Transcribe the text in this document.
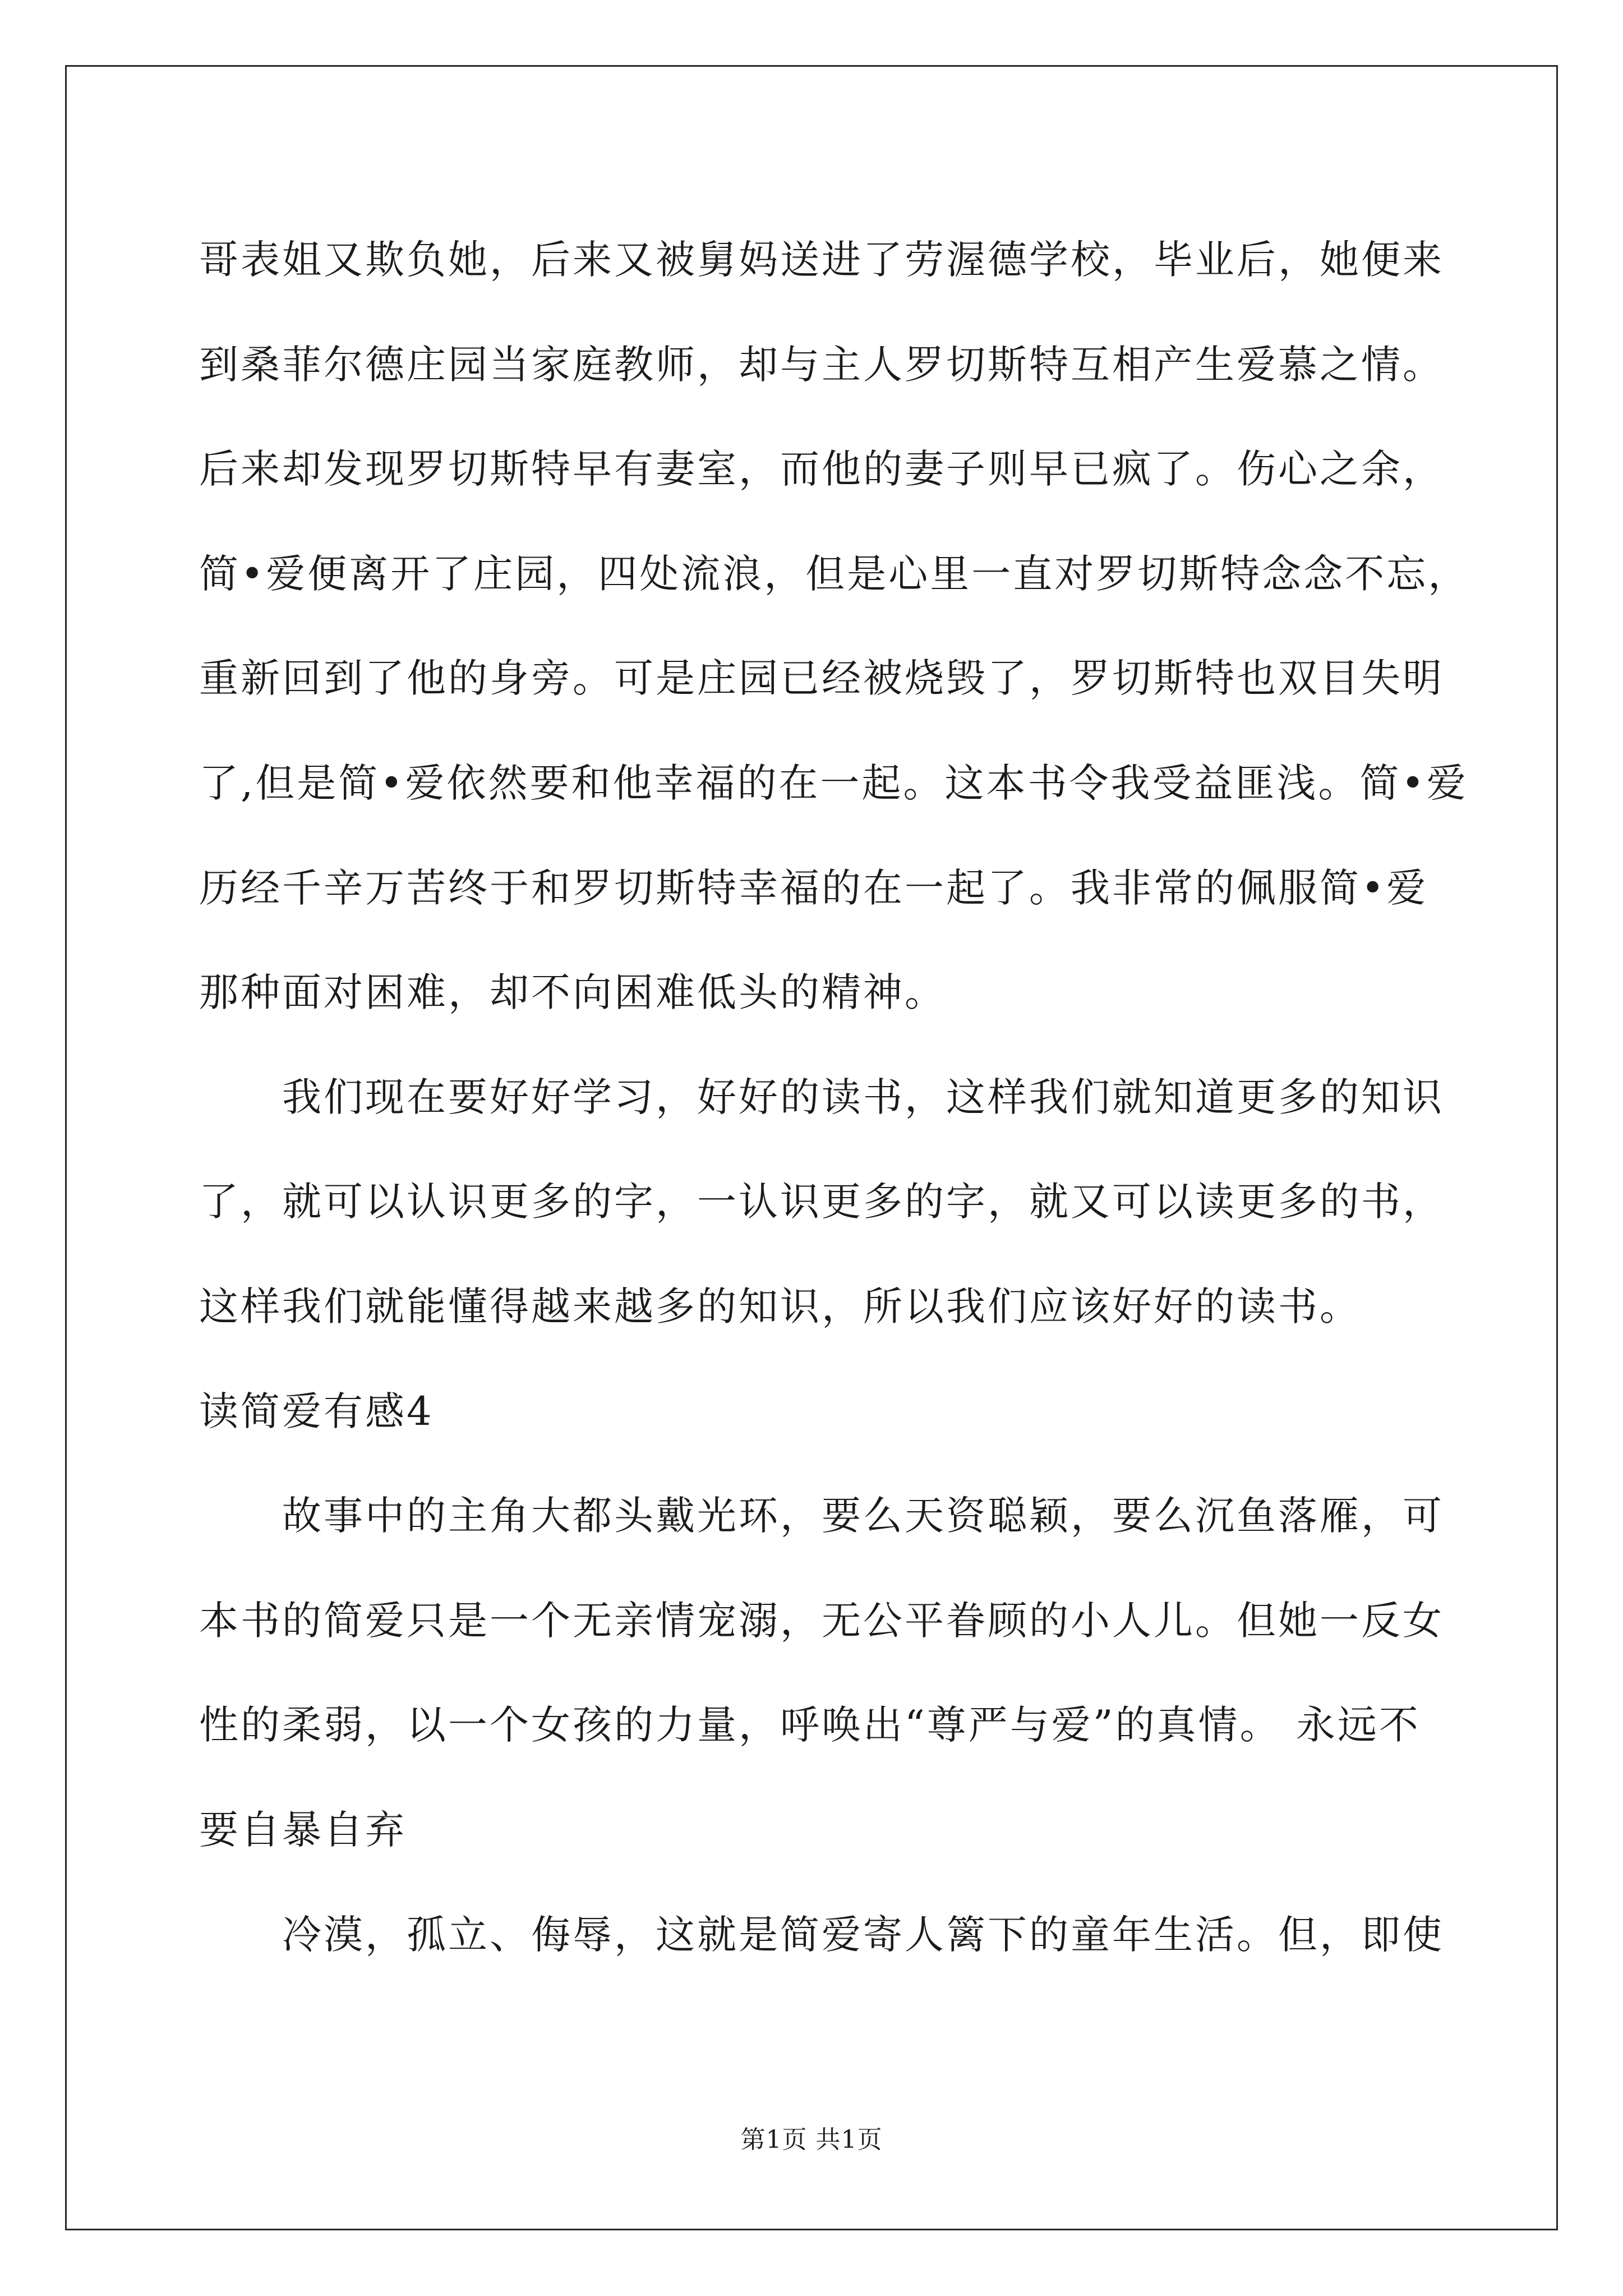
哥表姐又欺负她，后来又被舅妈送进了劳渥德学校，毕业后，她便来
到桑菲尔德庄园当家庭教师，却与主人罗切斯特互相产生爱慕之情。
后来却发现罗切斯特早有妻室，而他的妻子则早已疯了。伤心之余，
简•爱便离开了庄园，四处流浪，但是心里一直对罗切斯特念念不忘，
重新回到了他的身旁。可是庄园已经被烧毁了，罗切斯特也双目失明
了,但是简•爱依然要和他幸福的在一起。这本书令我受益匪浅。简•爱
历经千辛万苦终于和罗切斯特幸福的在一起了。我非常的佩服简•爱
那种面对困难，却不向困难低头的精神。
我们现在要好好学习，好好的读书，这样我们就知道更多的知识
了，就可以认识更多的字，一认识更多的字，就又可以读更多的书，
这样我们就能懂得越来越多的知识，所以我们应该好好的读书。
读简爱有感4
故事中的主角大都头戴光环，要么天资聪颖，要么沉鱼落雁，可
本书的简爱只是一个无亲情宠溺，无公平眷顾的小人儿。但她一反女
性的柔弱，以一个女孩的力量，呼唤出“尊严与爱”的真情。 永远不
要自暴自弃
冷漠，孤立、侮辱，这就是简爱寄人篱下的童年生活。但，即使
第1页 共1页
